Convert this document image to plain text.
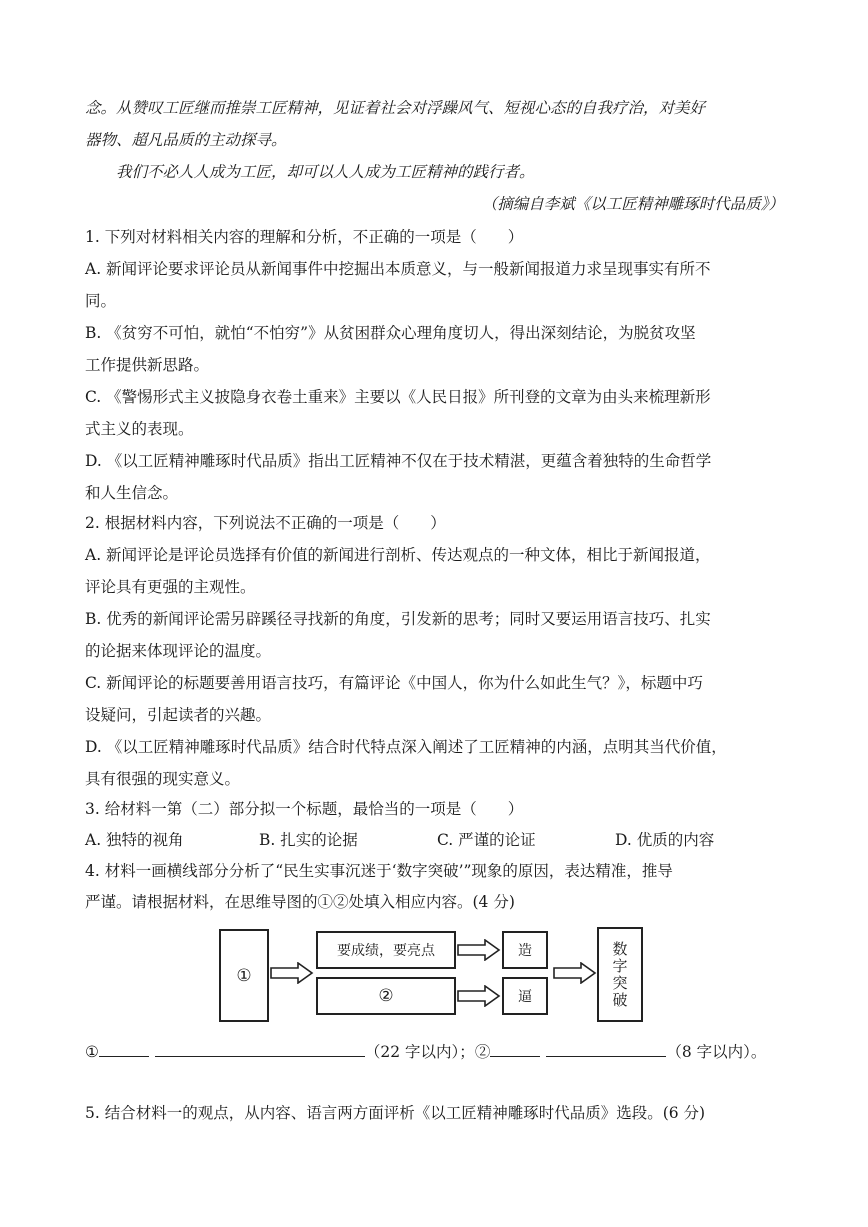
念。从赞叹工匠继而推崇工匠精神，见证着社会对浮躁风气、短视心态的自我疗治，对美好
器物、超凡品质的主动探寻。
我们不必人人成为工匠，却可以人人成为工匠精神的践行者。
（摘编自李斌《以工匠精神雕琢时代品质》）
1. 下列对材料相关内容的理解和分析，不正确的一项是（　　）
A. 新闻评论要求评论员从新闻事件中挖掘出本质意义，与一般新闻报道力求呈现事实有所不
同。
B. 《贫穷不可怕，就怕“不怕穷”》从贫困群众心理角度切人，得出深刻结论，为脱贫攻坚
工作提供新思路。
C. 《警惕形式主义披隐身衣卷土重来》主要以《人民日报》所刊登的文章为由头来梳理新形
式主义的表现。
D. 《以工匠精神雕琢时代品质》指出工匠精神不仅在于技术精湛，更蕴含着独特的生命哲学
和人生信念。
2. 根据材料内容，下列说法不正确的一项是（　　）
A. 新闻评论是评论员选择有价值的新闻进行剖析、传达观点的一种文体，相比于新闻报道，
评论具有更强的主观性。
B. 优秀的新闻评论需另辟蹊径寻找新的角度，引发新的思考；同时又要运用语言技巧、扎实
的论据来体现评论的温度。
C. 新闻评论的标题要善用语言技巧，有篇评论《中国人，你为什么如此生气？》，标题中巧
设疑问，引起读者的兴趣。
D. 《以工匠精神雕琢时代品质》结合时代特点深入阐述了工匠精神的内涵，点明其当代价值，
具有很强的现实意义。
3. 给材料一第（二）部分拟一个标题，最恰当的一项是（　　）
A. 独特的视角	B. 扎实的论据	C. 严谨的论证	D. 优质的内容
4. 材料一画横线部分分析了“民生实事沉迷于‘数字突破’”现象的原因，表达精准，推导
严谨。请根据材料，在思维导图的①②处填入相应内容。(4 分)
①
要成绩，要亮点
②
造
逼	数字突破
①	（22 字以内）；②	（8 字以内）。
5. 结合材料一的观点，从内容、语言两方面评析《以工匠精神雕琢时代品质》选段。(6 分)
